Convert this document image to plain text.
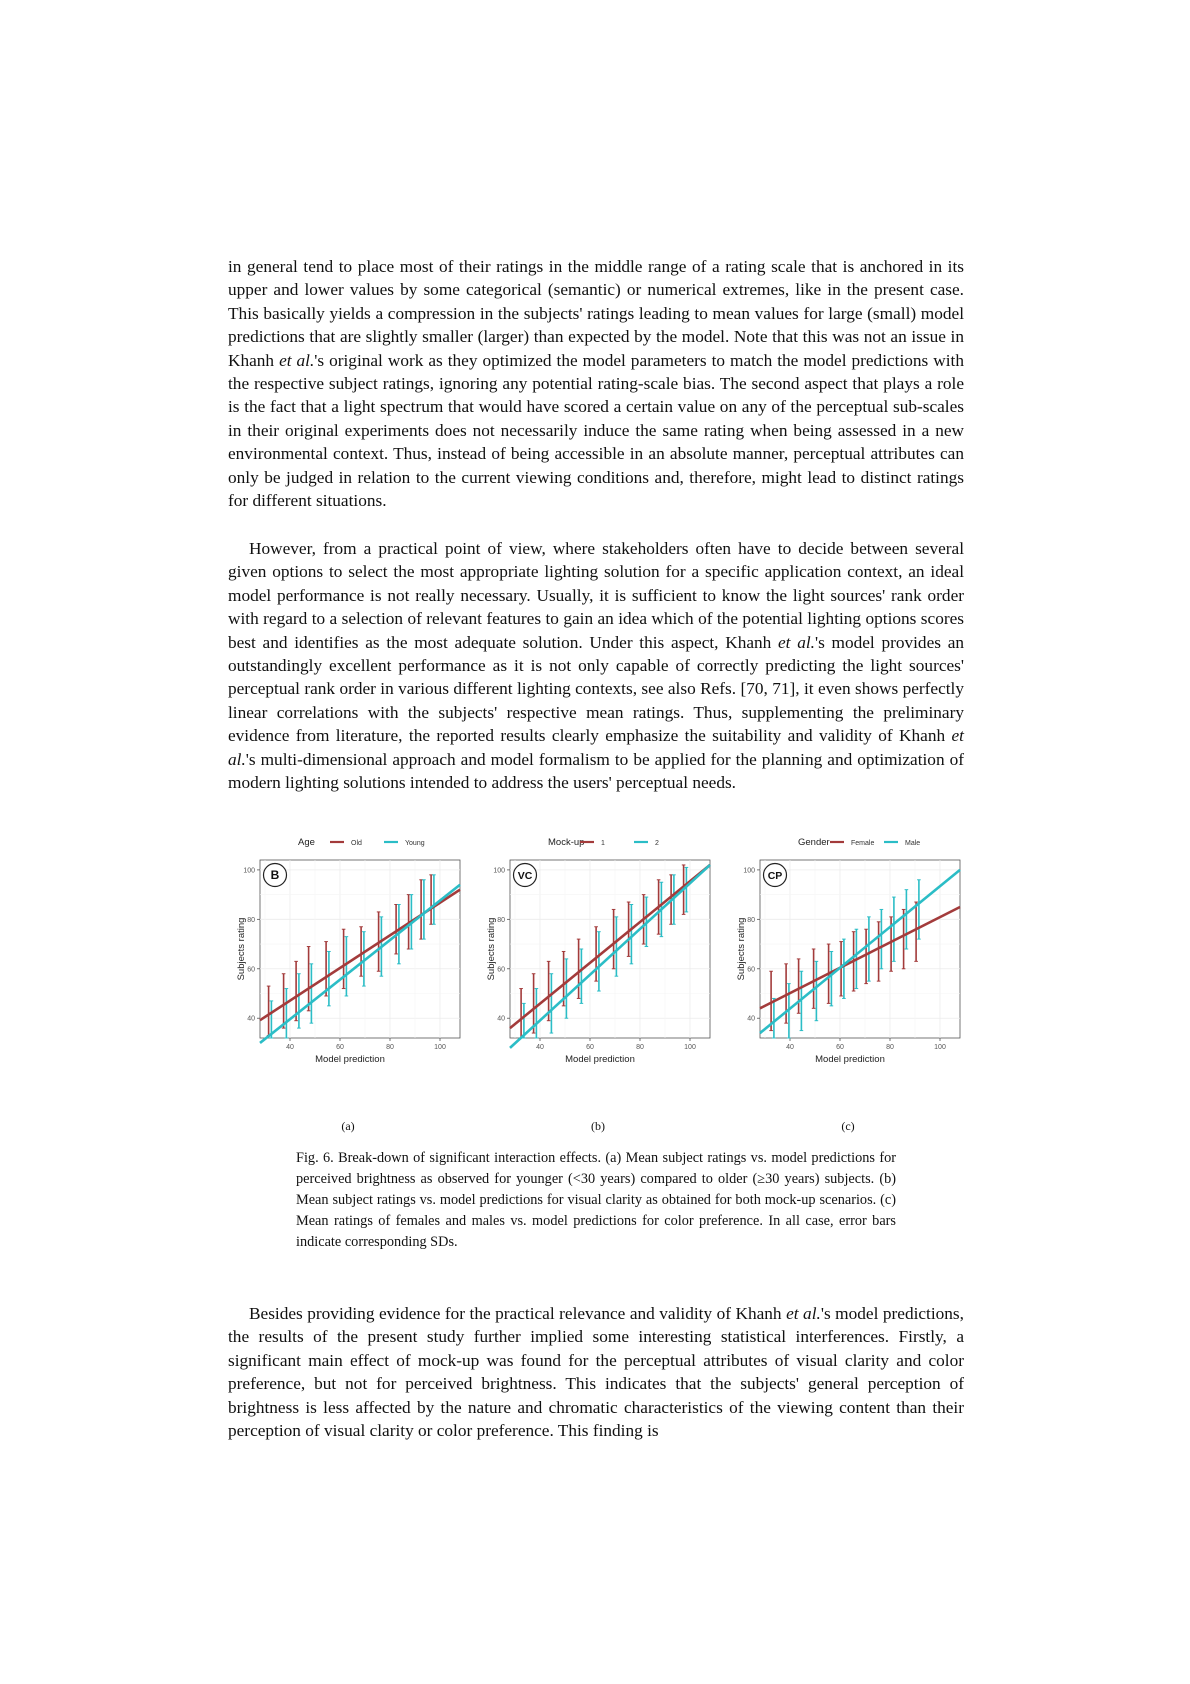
in general tend to place most of their ratings in the middle range of a rating scale that is anchored in its upper and lower values by some categorical (semantic) or numerical extremes, like in the present case. This basically yields a compression in the subjects' ratings leading to mean values for large (small) model predictions that are slightly smaller (larger) than expected by the model. Note that this was not an issue in Khanh et al.'s original work as they optimized the model parameters to match the model predictions with the respective subject ratings, ignoring any potential rating-scale bias. The second aspect that plays a role is the fact that a light spectrum that would have scored a certain value on any of the perceptual sub-scales in their original experiments does not necessarily induce the same rating when being assessed in a new environmental context. Thus, instead of being accessible in an absolute manner, perceptual attributes can only be judged in relation to the current viewing conditions and, therefore, might lead to distinct ratings for different situations.

However, from a practical point of view, where stakeholders often have to decide between several given options to select the most appropriate lighting solution for a specific application context, an ideal model performance is not really necessary. Usually, it is sufficient to know the light sources' rank order with regard to a selection of relevant features to gain an idea which of the potential lighting options scores best and identifies as the most adequate solution. Under this aspect, Khanh et al.'s model provides an outstandingly excellent performance as it is not only capable of correctly predicting the light sources' perceptual rank order in various different lighting contexts, see also Refs. [70, 71], it even shows perfectly linear correlations with the subjects' respective mean ratings. Thus, supplementing the preliminary evidence from literature, the reported results clearly emphasize the suitability and validity of Khanh et al.'s multi-dimensional approach and model formalism to be applied for the planning and optimization of modern lighting solutions intended to address the users' perceptual needs.

Age	Old	Young
40	60	80	100
40
60
80
100 B
Model prediction
Subjects rating
(a)
Mock-up 1	2
40	60	80	100
40
60
80
100 VC
Model prediction
Subjects rating
(b)
Gender	Female	Male
40	60	80	100
40
60
80
100 CP
Model prediction
Subjects rating
(c)

Fig. 6. Break-down of significant interaction effects. (a) Mean subject ratings vs. model predictions for perceived brightness as observed for younger (<30 years) compared to older (≥30 years) subjects. (b) Mean subject ratings vs. model predictions for visual clarity as obtained for both mock-up scenarios. (c) Mean ratings of females and males vs. model predictions for color preference. In all case, error bars indicate corresponding SDs.

Besides providing evidence for the practical relevance and validity of Khanh et al.'s model predictions, the results of the present study further implied some interesting statistical interferences. Firstly, a significant main effect of mock-up was found for the perceptual attributes of visual clarity and color preference, but not for perceived brightness. This indicates that the subjects' general perception of brightness is less affected by the nature and chromatic characteristics of the viewing content than their perception of visual clarity or color preference. This finding is
